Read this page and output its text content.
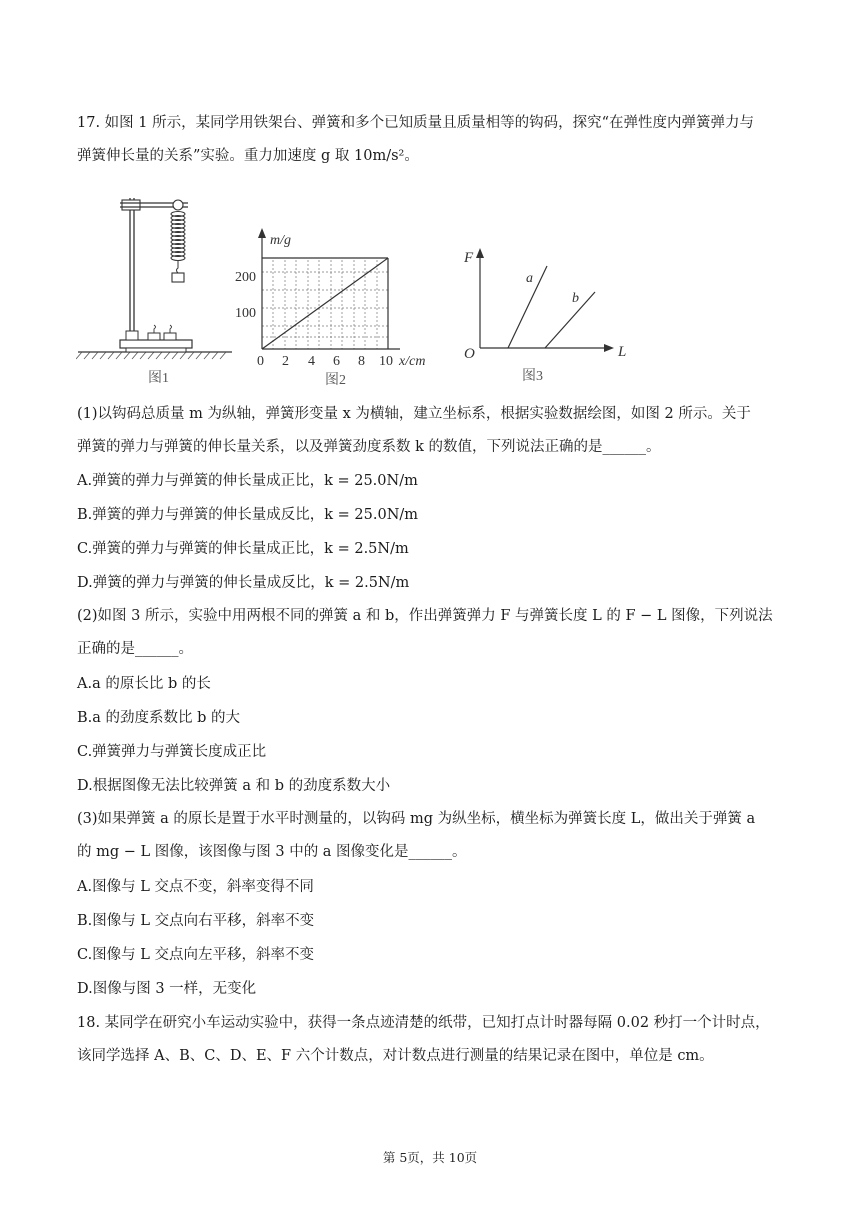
17. 如图 1 所示，某同学用铁架台、弹簧和多个已知质量且质量相等的钩码，探究“在弹性度内弹簧弹力与
弹簧伸长量的关系”实验。重力加速度 g 取 10m/s²。
图1
m/g
200
100
0 2 4 6 8 10 x/cm
图2
F
O	L
a
b
图3
(1)以钩码总质量 m 为纵轴，弹簧形变量 x 为横轴，建立坐标系，根据实验数据绘图，如图 2 所示。关于
弹簧的弹力与弹簧的伸长量关系，以及弹簧劲度系数 k 的数值，下列说法正确的是______。
A.弹簧的弹力与弹簧的伸长量成正比，k = 25.0N/m
B.弹簧的弹力与弹簧的伸长量成反比，k = 25.0N/m
C.弹簧的弹力与弹簧的伸长量成正比，k = 2.5N/m
D.弹簧的弹力与弹簧的伸长量成反比，k = 2.5N/m
(2)如图 3 所示，实验中用两根不同的弹簧 a 和 b，作出弹簧弹力 F 与弹簧长度 L 的 F − L 图像，下列说法
正确的是______。
A.a 的原长比 b 的长
B.a 的劲度系数比 b 的大
C.弹簧弹力与弹簧长度成正比
D.根据图像无法比较弹簧 a 和 b 的劲度系数大小
(3)如果弹簧 a 的原长是置于水平时测量的，以钩码 mg 为纵坐标，横坐标为弹簧长度 L，做出关于弹簧 a
的 mg − L 图像，该图像与图 3 中的 a 图像变化是______。
A.图像与 L 交点不变，斜率变得不同
B.图像与 L 交点向右平移，斜率不变
C.图像与 L 交点向左平移，斜率不变
D.图像与图 3 一样，无变化
18. 某同学在研究小车运动实验中，获得一条点迹清楚的纸带，已知打点计时器每隔 0.02 秒打一个计时点，
该同学选择 A、B、C、D、E、F 六个计数点，对计数点进行测量的结果记录在图中，单位是 cm。
第 5页，共 10页
